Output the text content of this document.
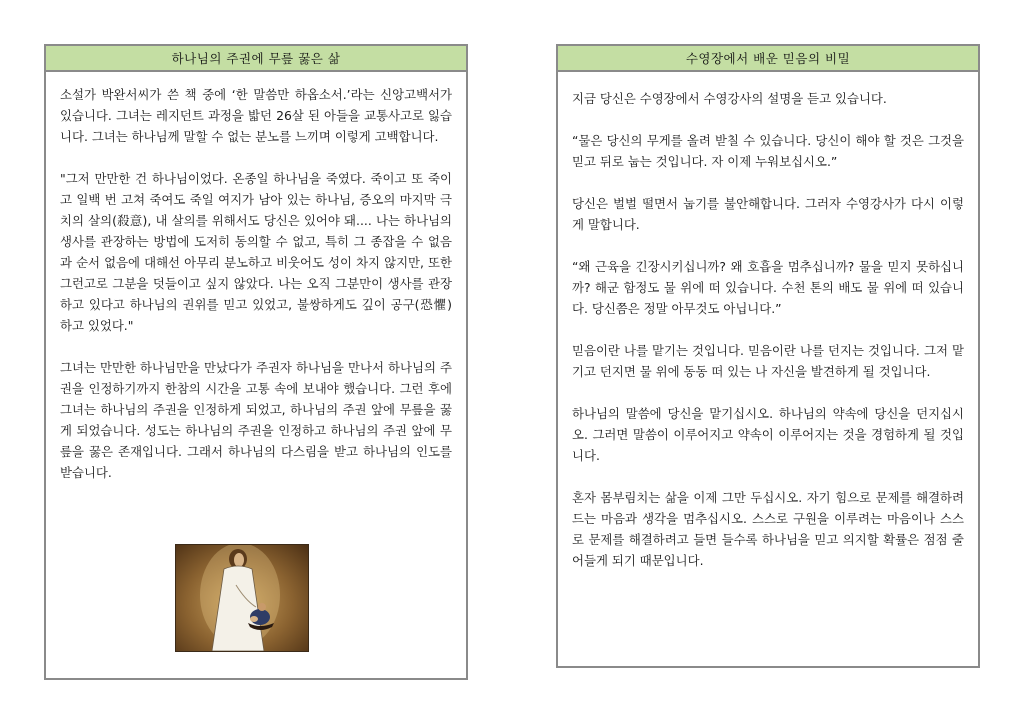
하나님의 주권에 무릎 꿇은 삶

소설가 박완서씨가 쓴 책 중에 ‘한 말씀만 하옵소서.’라는 신앙고백서가 있습니다. 그녀는 레지던트 과정을 밟던 26살 된 아들을 교통사고로 잃습니다. 그녀는 하나님께 말할 수 없는 분노를 느끼며 이렇게 고백합니다.

"그저 만만한 건 하나님이었다. 온종일 하나님을 죽였다. 죽이고 또 죽이고 일백 번 고쳐 죽여도 죽일 여지가 남아 있는 하나님, 증오의 마지막 극치의 살의(殺意), 내 살의를 위해서도 당신은 있어야 돼.... 나는 하나님의 생사를 관장하는 방법에 도저히 동의할 수 없고, 특히 그 종잡을 수 없음과 순서 없음에 대해선 아무리 분노하고 비웃어도 성이 차지 않지만, 또한 그런고로 그분을 덧들이고 싶지 않았다. 나는 오직 그분만이 생사를 관장하고 있다고 하나님의 권위를 믿고 있었고, 불쌍하게도 깊이 공구(恐懼)하고 있었다."

그녀는 만만한 하나님만을 만났다가 주권자 하나님을 만나서 하나님의 주권을 인정하기까지 한참의 시간을 고통 속에 보내야 했습니다. 그런 후에 그녀는 하나님의 주권을 인정하게 되었고, 하나님의 주권 앞에 무릎을 꿇게 되었습니다. 성도는 하나님의 주권을 인정하고 하나님의 주권 앞에 무릎을 꿇은 존재입니다. 그래서 하나님의 다스림을 받고 하나님의 인도를 받습니다.

수영장에서 배운 믿음의 비밀

지금 당신은 수영장에서 수영강사의 설명을 듣고 있습니다.

“물은 당신의 무게를 올려 받칠 수 있습니다. 당신이 해야 할 것은 그것을 믿고 뒤로 눕는 것입니다. 자 이제 누워보십시오.”

당신은 벌벌 떨면서 눕기를 불안해합니다. 그러자 수영강사가 다시 이렇게 말합니다.

“왜 근육을 긴장시키십니까? 왜 호흡을 멈추십니까? 물을 믿지 못하십니까? 해군 함정도 물 위에 떠 있습니다. 수천 톤의 배도 물 위에 떠 있습니다. 당신쯤은 정말 아무것도 아닙니다.”

믿음이란 나를 맡기는 것입니다. 믿음이란 나를 던지는 것입니다. 그저 맡기고 던지면 물 위에 동동 떠 있는 나 자신을 발견하게 될 것입니다.

하나님의 말씀에 당신을 맡기십시오. 하나님의 약속에 당신을 던지십시오. 그러면 말씀이 이루어지고 약속이 이루어지는 것을 경험하게 될 것입니다.

혼자 몸부림치는 삶을 이제 그만 두십시오. 자기 힘으로 문제를 해결하려 드는 마음과 생각을 멈추십시오. 스스로 구원을 이루려는 마음이나 스스로 문제를 해결하려고 들면 들수록 하나님을 믿고 의지할 확률은 점점 줄어들게 되기 때문입니다.
